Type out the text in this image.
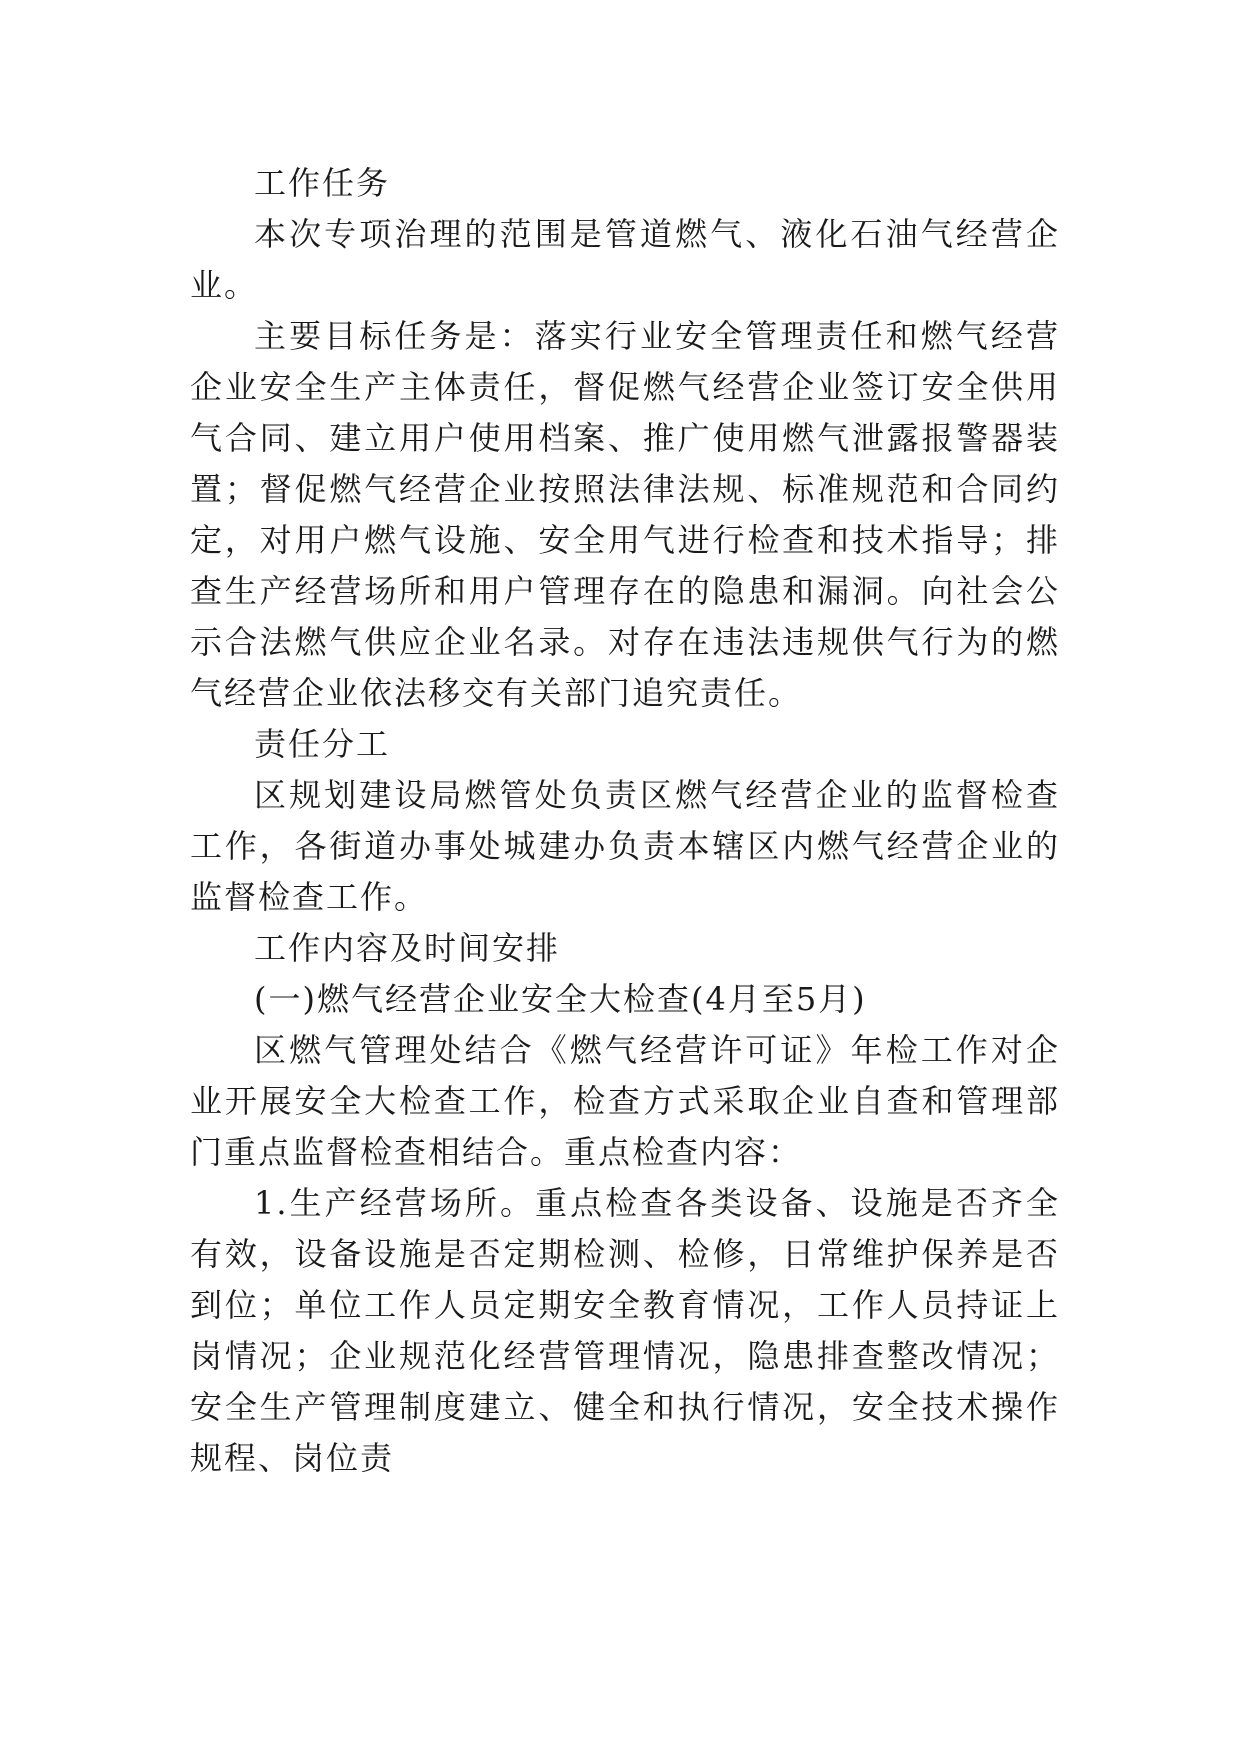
工作任务

本次专项治理的范围是管道燃气、液化石油气经营企业。

主要目标任务是：落实行业安全管理责任和燃气经营企业安全生产主体责任，督促燃气经营企业签订安全供用气合同、建立用户使用档案、推广使用燃气泄露报警器装置；督促燃气经营企业按照法律法规、标准规范和合同约定，对用户燃气设施、安全用气进行检查和技术指导；排查生产经营场所和用户管理存在的隐患和漏洞。向社会公示合法燃气供应企业名录。对存在违法违规供气行为的燃气经营企业依法移交有关部门追究责任。

责任分工

区规划建设局燃管处负责区燃气经营企业的监督检查工作，各街道办事处城建办负责本辖区内燃气经营企业的监督检查工作。

工作内容及时间安排

(一)燃气经营企业安全大检查(4月至5月)

区燃气管理处结合《燃气经营许可证》年检工作对企业开展安全大检查工作，检查方式采取企业自查和管理部门重点监督检查相结合。重点检查内容：

1.生产经营场所。重点检查各类设备、设施是否齐全有效，设备设施是否定期检测、检修，日常维护保养是否到位；单位工作人员定期安全教育情况，工作人员持证上岗情况；企业规范化经营管理情况，隐患排查整改情况；安全生产管理制度建立、健全和执行情况，安全技术操作规程、岗位责
